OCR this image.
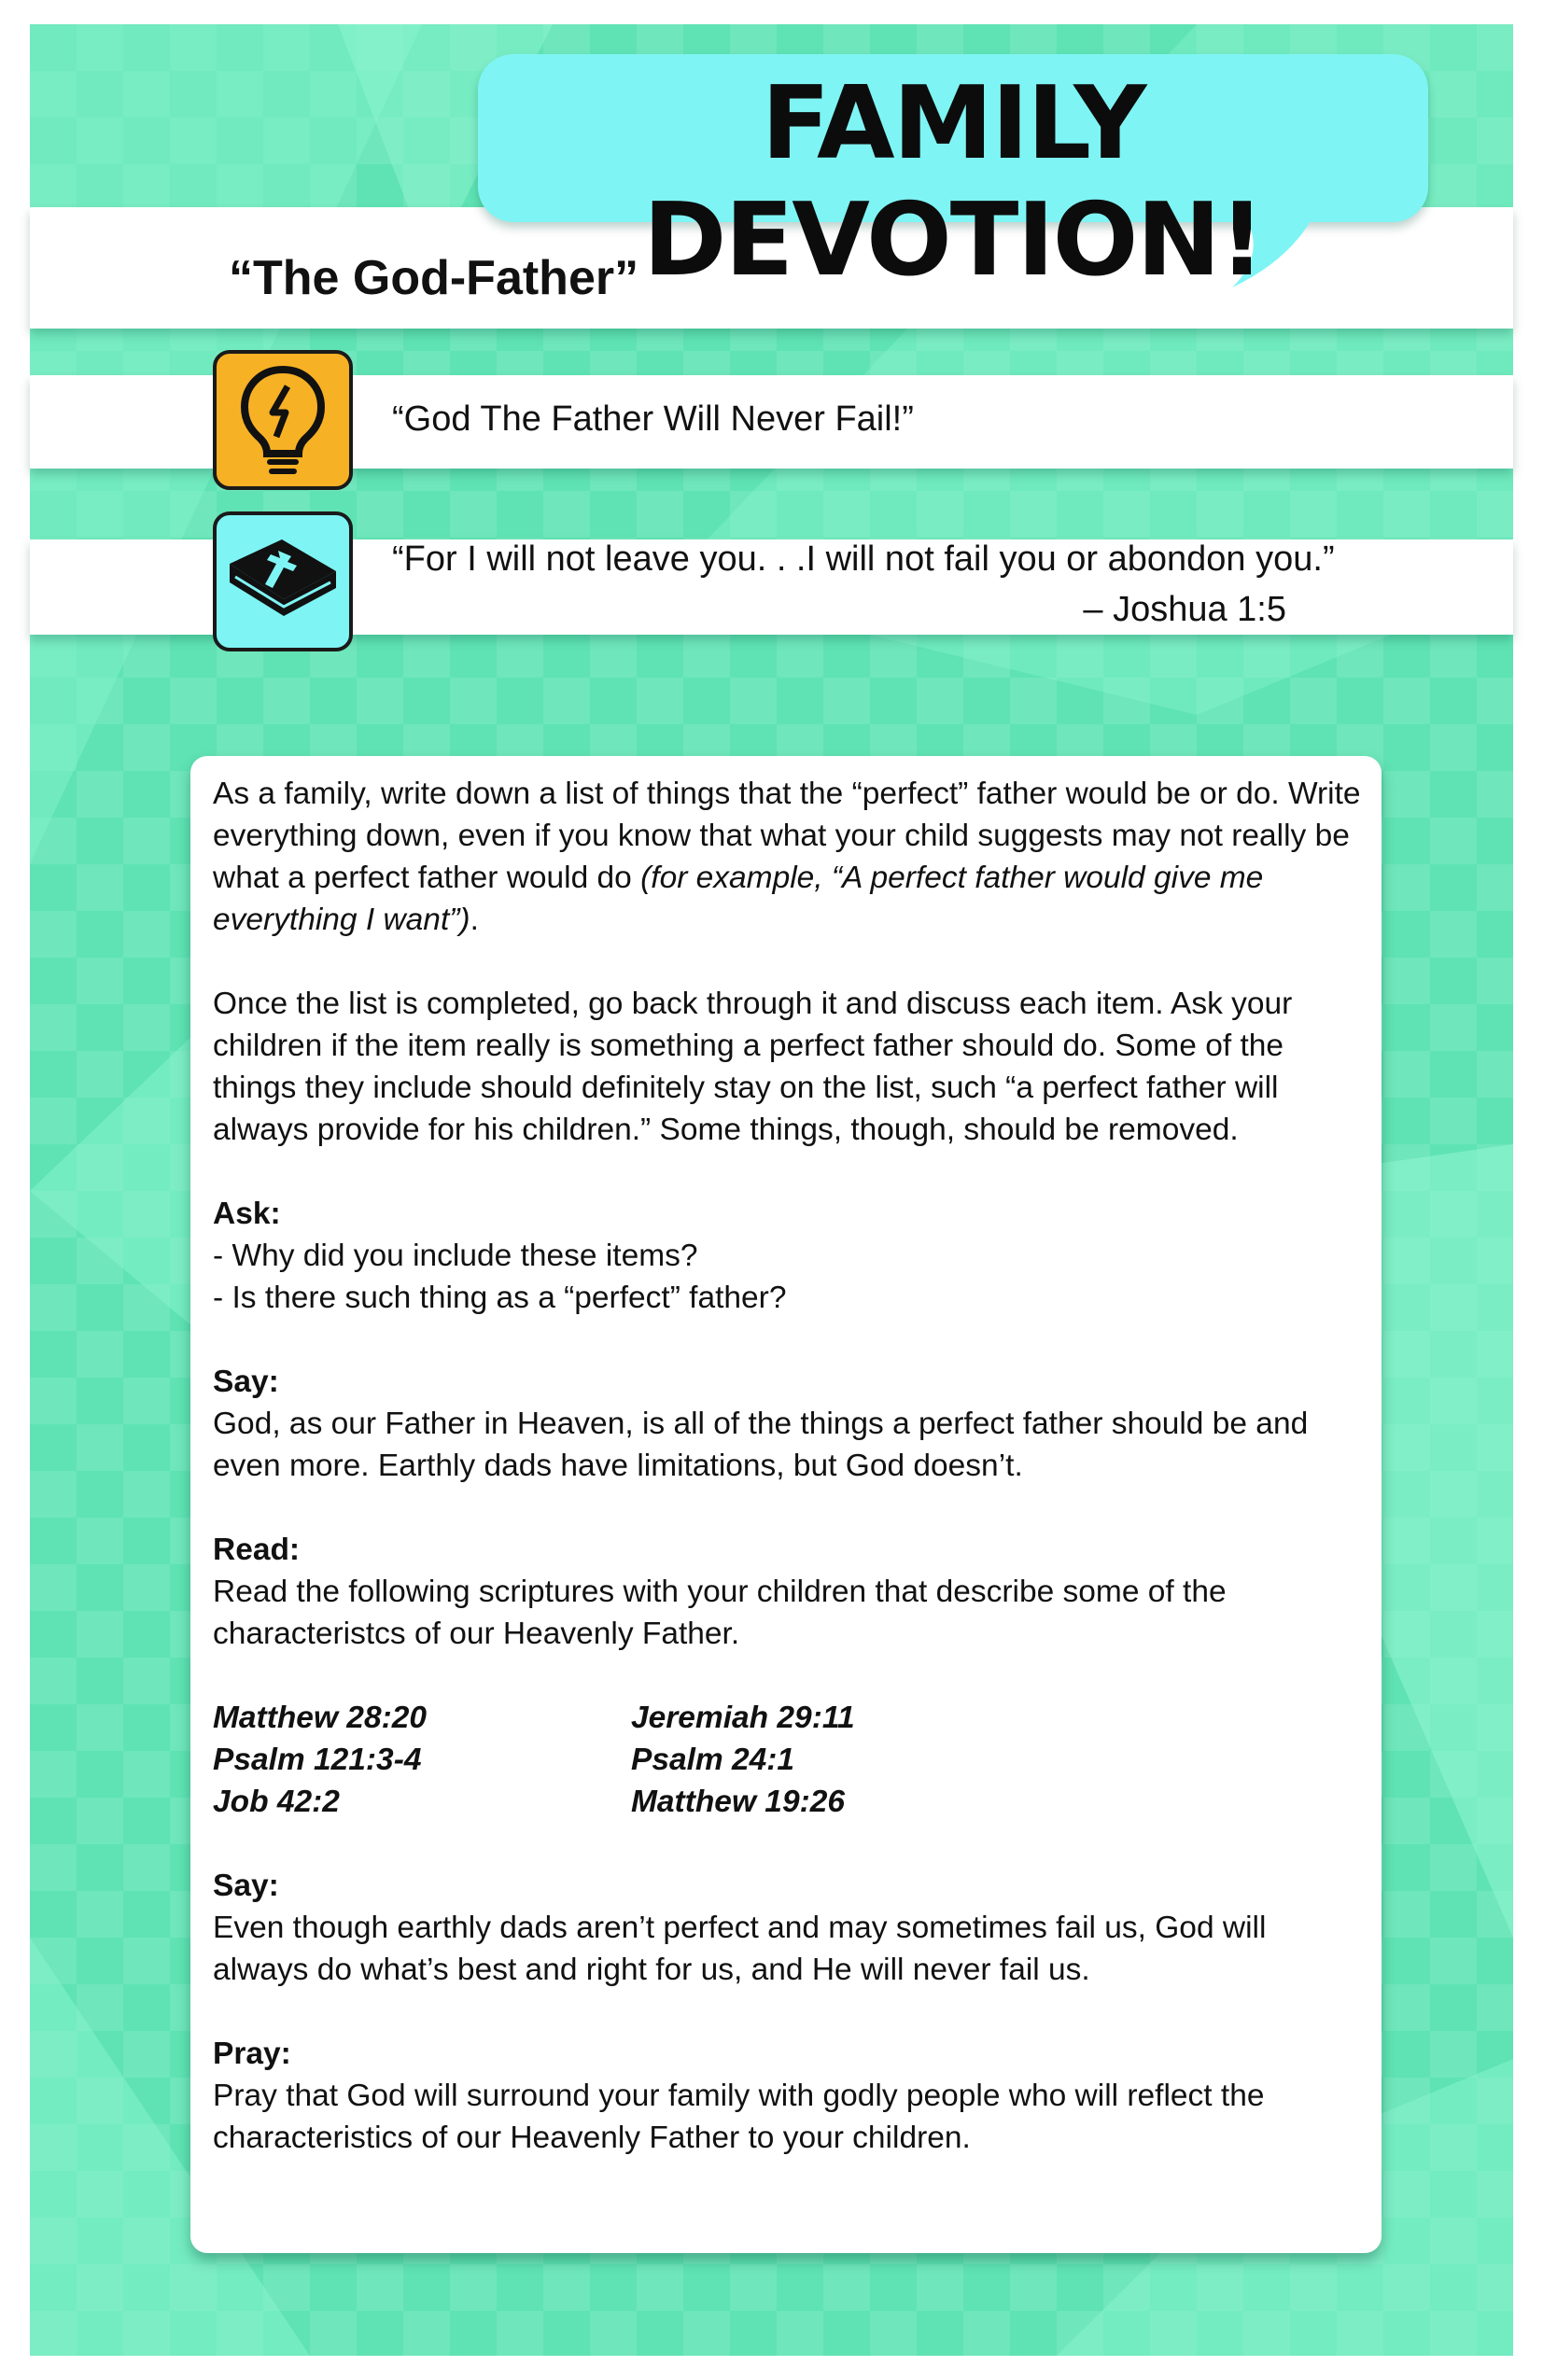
FAMILY DEVOTION!
“The God-Father”
“God The Father Will Never Fail!”
“For I will not leave you. . .I will not fail you or abondon you.”
– Joshua 1:5

As a family, write down a list of things that the “perfect” father would be or do. Write everything down, even if you know that what your child suggests may not really be what a perfect father would do (for example, “A perfect father would give me everything I want”).

Once the list is completed, go back through it and discuss each item. Ask your children if the item really is something a perfect father should do. Some of the things they include should definitely stay on the list, such “a perfect father will always provide for his children.” Some things, though, should be removed.

Ask:

- Why did you include these items?

- Is there such thing as a “perfect” father?

Say:

God, as our Father in Heaven, is all of the things a perfect father should be and even more. Earthly dads have limitations, but God doesn’t.

Read:

Read the following scriptures with your children that describe some of the characteristcs of our Heavenly Father.

Matthew 28:20	Jeremiah 29:11
Psalm 121:3-4	Psalm 24:1
Job 42:2	Matthew 19:26

Say:

Even though earthly dads aren’t perfect and may sometimes fail us, God will always do what’s best and right for us, and He will never fail us.

Pray:

Pray that God will surround your family with godly people who will reflect the characteristics of our Heavenly Father to your children.
